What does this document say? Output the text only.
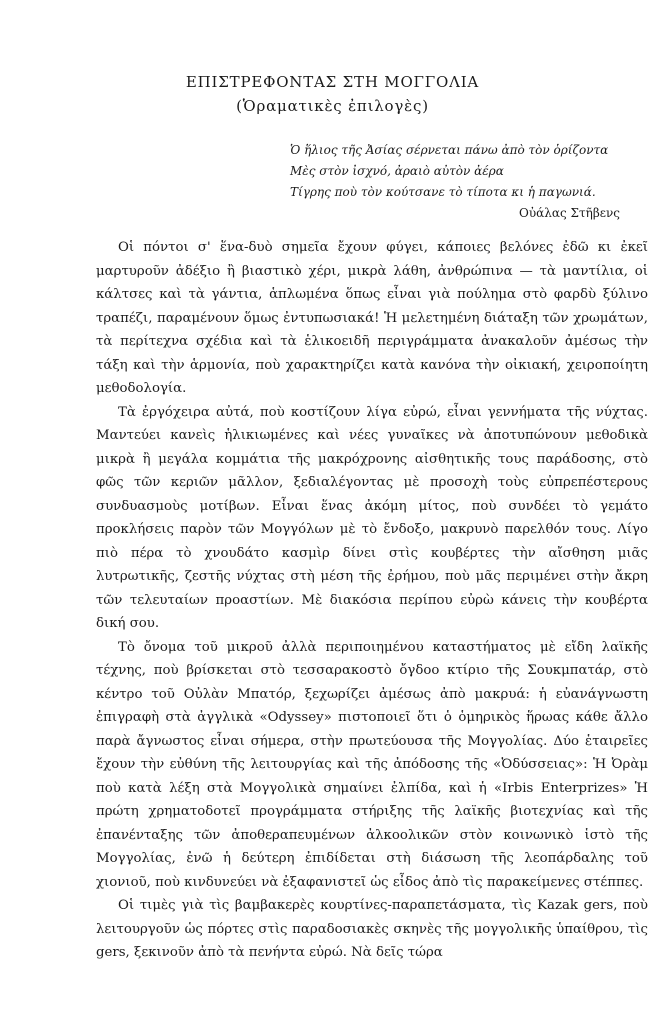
ΕΠΙΣΤΡΕΦΟΝΤΑΣ ΣΤΗ ΜΟΓΓΟΛΙΑ
(Ὁραματικὲς ἐπιλογὲς)
Ὁ ἥλιος τῆς Ἀσίας σέρνεται πάνω ἀπὸ τὸν ὁρίζοντα
Μὲς στὸν ἰσχνό, ἀραιὸ αὐτὸν ἀέρα
Τίγρης ποὺ τὸν κούτσανε τὸ τίποτα κι ἡ παγωνιά.
Οὐάλας Στῆβενς

Οἱ πόντοι σ' ἕνα-δυὸ σημεῖα ἔχουν φύγει, κάποιες βελόνες ἐδῶ κι ἐκεῖ μαρτυροῦν ἀδέξιο ἢ βιαστικὸ χέρι, μικρὰ λάθη, ἀνθρώπινα — τὰ μαντίλια, οἱ κάλτσες καὶ τὰ γάντια, ἁπλωμένα ὅπως εἶναι γιὰ πούλημα στὸ φαρδὺ ξύλινο τραπέζι, παραμένουν ὅμως ἐντυπωσιακά! Ἡ μελετημένη διάταξη τῶν χρωμάτων, τὰ περίτεχνα σχέδια καὶ τὰ ἑλικοειδῆ περιγράμματα ἀνακαλοῦν ἀμέσως τὴν τάξη καὶ τὴν ἁρμονία, ποὺ χαρακτηρίζει κατὰ κανόνα τὴν οἰκιακή, χειροποίητη μεθοδολογία.

Τὰ ἐργόχειρα αὐτά, ποὺ κοστίζουν λίγα εὐρώ, εἶναι γεννήματα τῆς νύχτας. Μαντεύει κανεὶς ἡλικιωμένες καὶ νέες γυναῖκες νὰ ἀποτυπώνουν μεθοδικὰ μικρὰ ἢ μεγάλα κομμάτια τῆς μακρόχρονης αἰσθητικῆς τους παράδοσης, στὸ φῶς τῶν κεριῶν μᾶλλον, ξεδιαλέγοντας μὲ προσοχὴ τοὺς εὐπρεπέστερους συνδυασμοὺς μοτίβων. Εἶναι ἕνας ἀκόμη μίτος, ποὺ συνδέει τὸ γεμάτο προκλήσεις παρὸν τῶν Μογγόλων μὲ τὸ ἔνδοξο, μακρυνὸ παρελθόν τους. Λίγο πιὸ πέρα τὸ χνουδάτο κασμὶρ δίνει στὶς κουβέρτες τὴν αἴσθηση μιᾶς λυτρωτικῆς, ζεστῆς νύχτας στὴ μέση τῆς ἐρήμου, ποὺ μᾶς περιμένει στὴν ἄκρη τῶν τελευταίων προαστίων. Μὲ διακόσια περίπου εὐρὼ κάνεις τὴν κουβέρτα δική σου.

Τὸ ὄνομα τοῦ μικροῦ ἀλλὰ περιποιημένου καταστήματος μὲ εἴδη λαϊκῆς τέχνης, ποὺ βρίσκεται στὸ τεσσαρακοστὸ ὄγδοο κτίριο τῆς Σουκμπατάρ, στὸ κέντρο τοῦ Οὐλὰν Μπατόρ, ξεχωρίζει ἀμέσως ἀπὸ μακρυά: ἡ εὐανάγνωστη ἐπιγραφὴ στὰ ἀγγλικὰ «Odyssey» πιστοποιεῖ ὅτι ὁ ὁμηρικὸς ἥρωας κάθε ἄλλο παρὰ ἄγνωστος εἶναι σήμερα, στὴν πρωτεύουσα τῆς Μογγολίας. Δύο ἑταιρεῖες ἔχουν τὴν εὐθύνη τῆς λειτουργίας καὶ τῆς ἀπόδοσης τῆς «Ὀδύσσειας»: Ἡ Ὀρὰμ ποὺ κατὰ λέξη στὰ Μογγολικὰ σημαίνει ἐλπίδα, καὶ ἡ «Irbis Enterprizes» Ἡ πρώτη χρηματοδοτεῖ προγράμματα στήριξης τῆς λαϊκῆς βιοτεχνίας καὶ τῆς ἐπανένταξης τῶν ἀποθεραπευμένων ἀλκοολικῶν στὸν κοινωνικὸ ἱστὸ τῆς Μογγολίας, ἐνῶ ἡ δεύτερη ἐπιδίδεται στὴ διάσωση τῆς λεοπάρδαλης τοῦ χιονιοῦ, ποὺ κινδυνεύει νὰ ἐξαφανιστεῖ ὡς εἶδος ἀπὸ τὶς παρακείμενες στέππες.

Οἱ τιμὲς γιὰ τὶς βαμβακερὲς κουρτίνες-παραπετάσματα, τὶς Kazak gers, ποὺ λειτουργοῦν ὡς πόρτες στὶς παραδοσιακὲς σκηνὲς τῆς μογγολικῆς ὑπαίθρου, τὶς gers, ξεκινοῦν ἀπὸ τὰ πενήντα εὐρώ. Νὰ δεῖς τώρα
